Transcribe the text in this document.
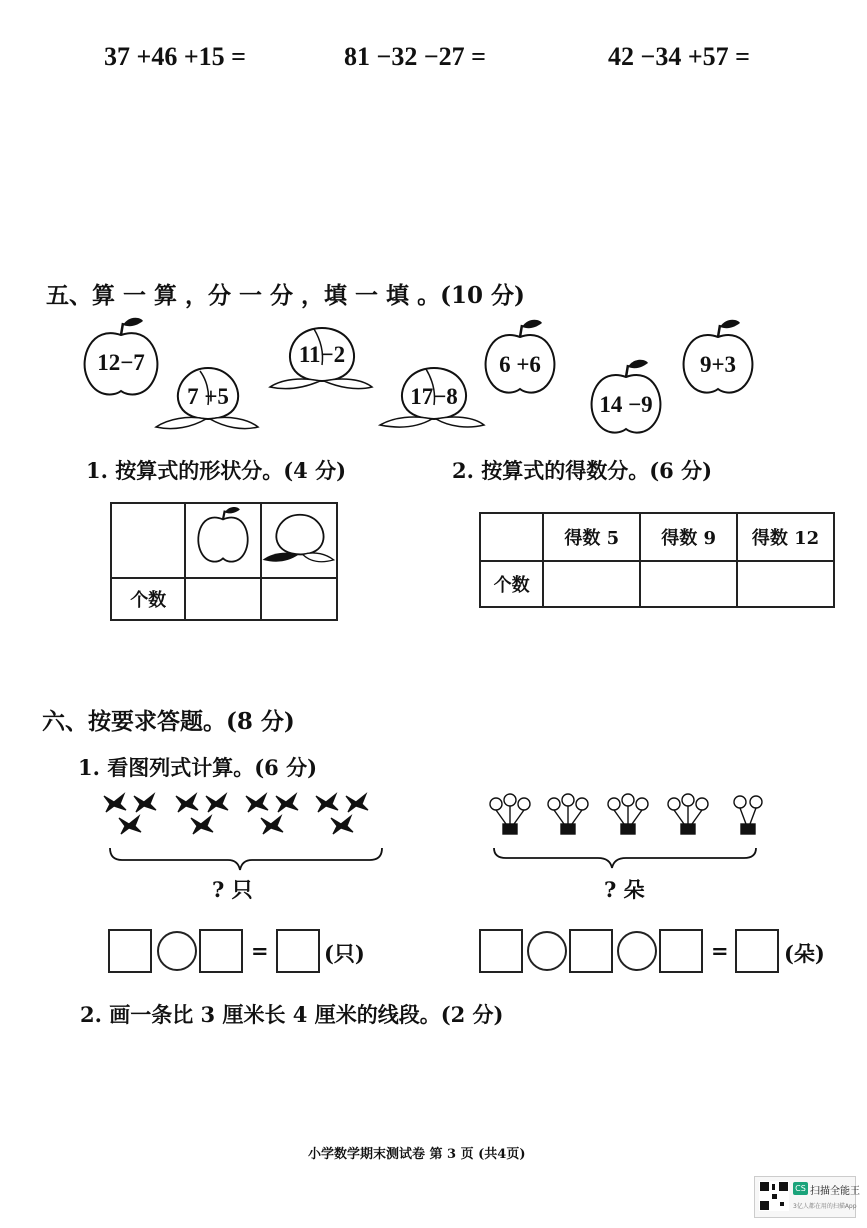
37 +46 +15 =	81 −32 −27 =	42 −34 +57 =
五、算 一 算 ，分 一 分 ，填 一 填 。(10 分)
12−7
7 +5
11−2
17−8
6 +6
14 −9
9+3
1. 按算式的形状分。(4 分)	2. 按算式的得数分。(6 分)

个数		
	得数 5	得数 9	得数 12
个数			
六、按要求答题。(8 分)
1. 看图列式计算。(6 分)
? 只	? 朵
=	(只)	=	(朵)
2. 画一条比 3 厘米长 4 厘米的线段。(2 分)
小学数学期末测试卷 第 3 页 (共4页)
CS 扫描全能王
3亿人都在用的扫描App
